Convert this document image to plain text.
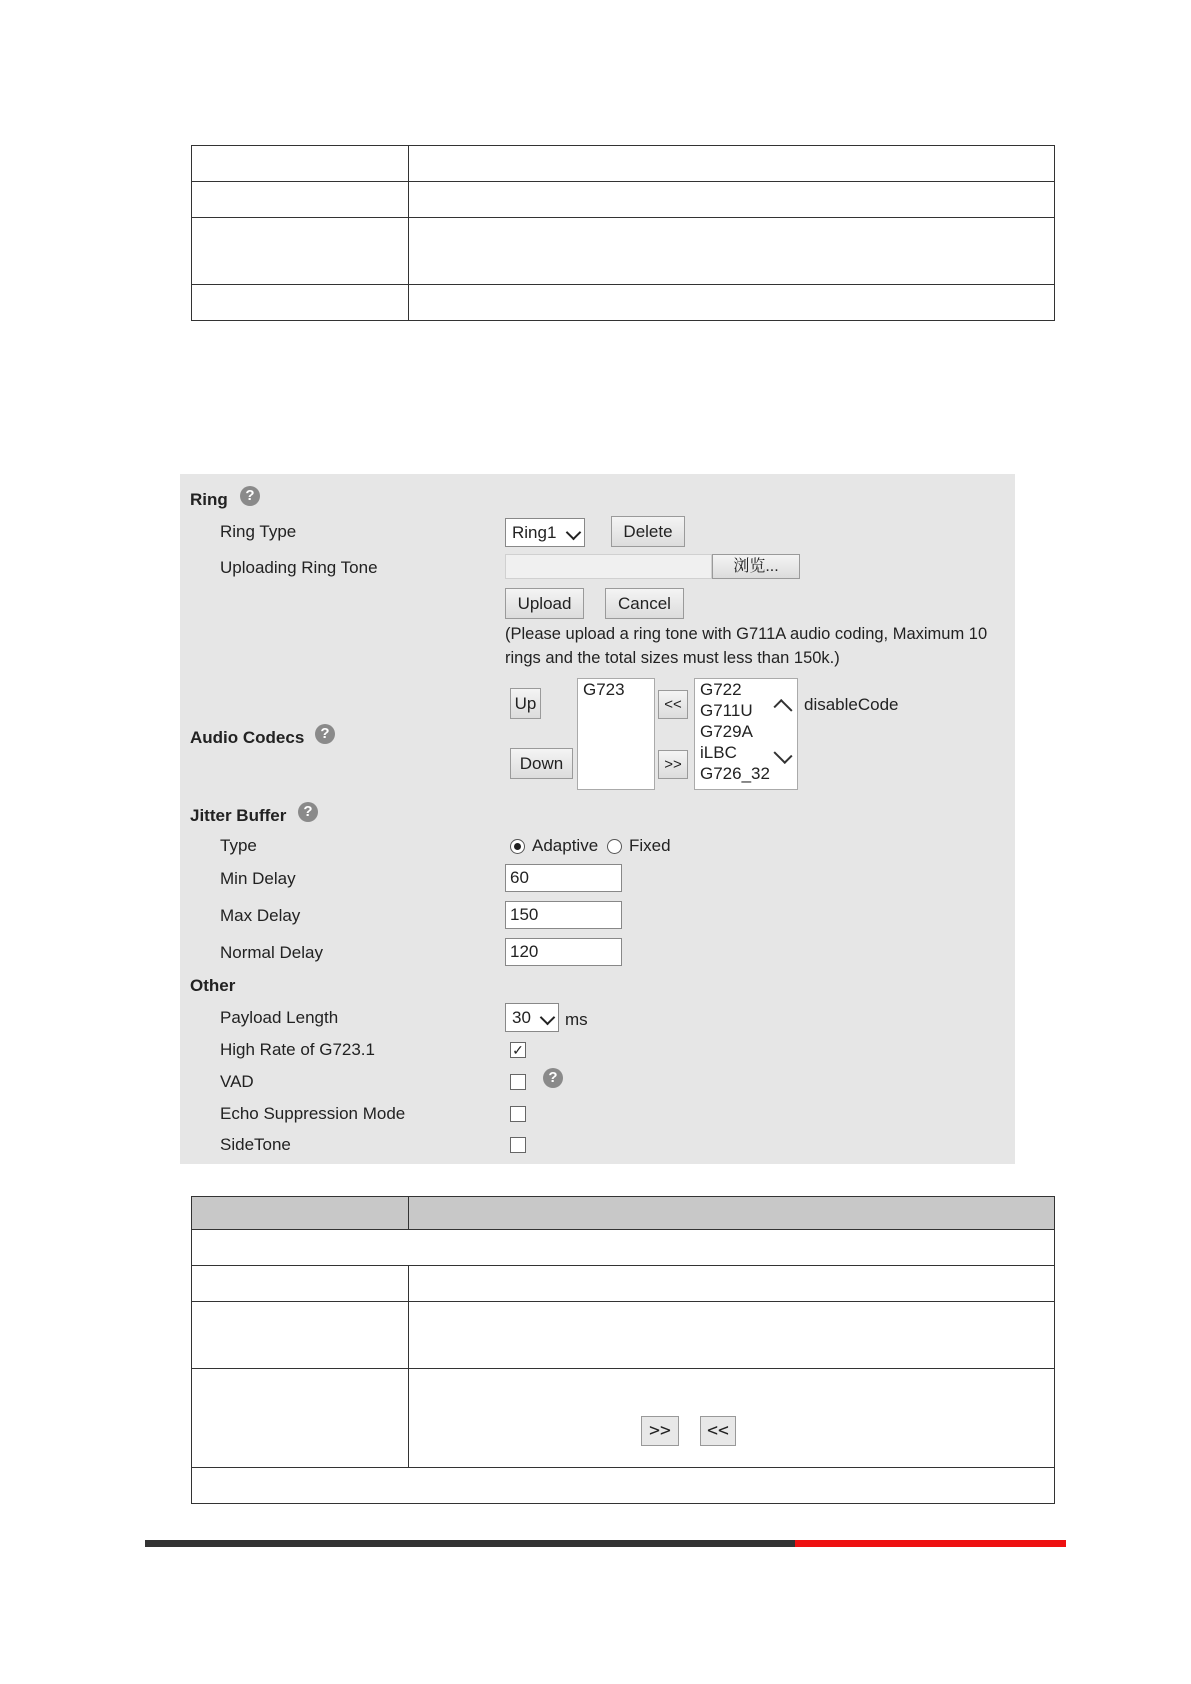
Ring	?
Ring Type	Ring1	Delete
Uploading Ring Tone	浏览...
Upload	Cancel
(Please upload a ring tone with G711A audio coding, Maximum 10
rings and the total sizes must less than 150k.)
Audio Codecs	?
Up
Down
G723
<<
>>
G722
G711U
G729A
iLBC
G726_32
disableCode
Jitter Buffer	?
Type	Adaptive Fixed
Min Delay	60
Max Delay	150
Normal Delay	120
Other
Payload Length	30	ms
High Rate of G723.1	✓
VAD	?
Echo Suppression Mode
SideTone

	>> <<
